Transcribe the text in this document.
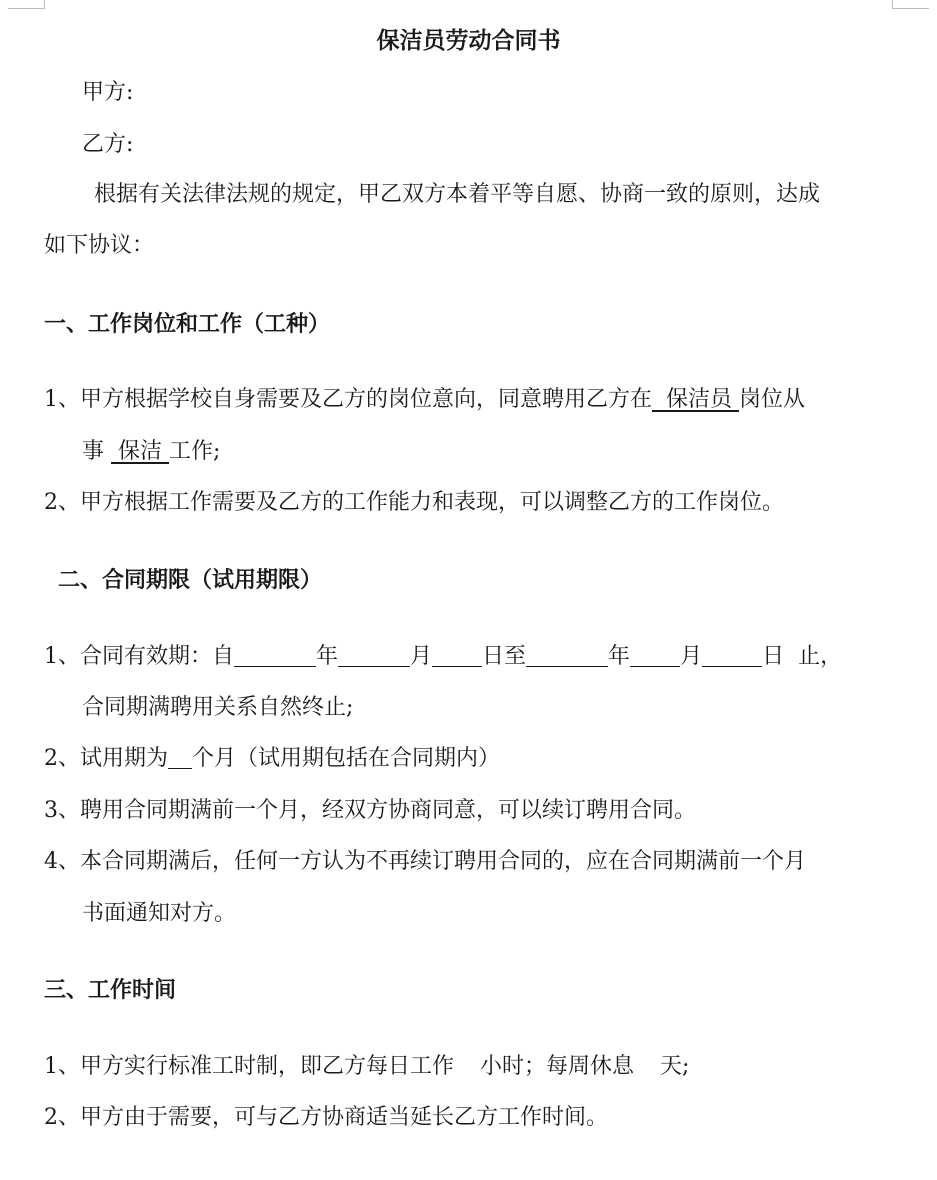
保洁员劳动合同书
甲方:
乙方:
根据有关法律法规的规定，甲乙双方本着平等自愿、协商一致的原则，达成
如下协议：
一、工作岗位和工作（工种）
1、甲方根据学校自身需要及乙方的岗位意向，同意聘用乙方在  保洁员 岗位从
事  保洁 工作;
2、甲方根据工作需要及乙方的工作能力和表现，可以调整乙方的工作岗位。
二、合同期限（试用期限）
1、合同有效期：自	年	月 日至	年 月	日  止，
合同期满聘用关系自然终止;
2、试用期为 个月（试用期包括在合同期内）
3、聘用合同期满前一个月，经双方协商同意，可以续订聘用合同。
4、本合同期满后，任何一方认为不再续订聘用合同的，应在合同期满前一个月
书面通知对方。
三、工作时间
1、甲方实行标准工时制，即乙方每日工作 小时；每周休息 天;
2、甲方由于需要，可与乙方协商适当延长乙方工作时间。
